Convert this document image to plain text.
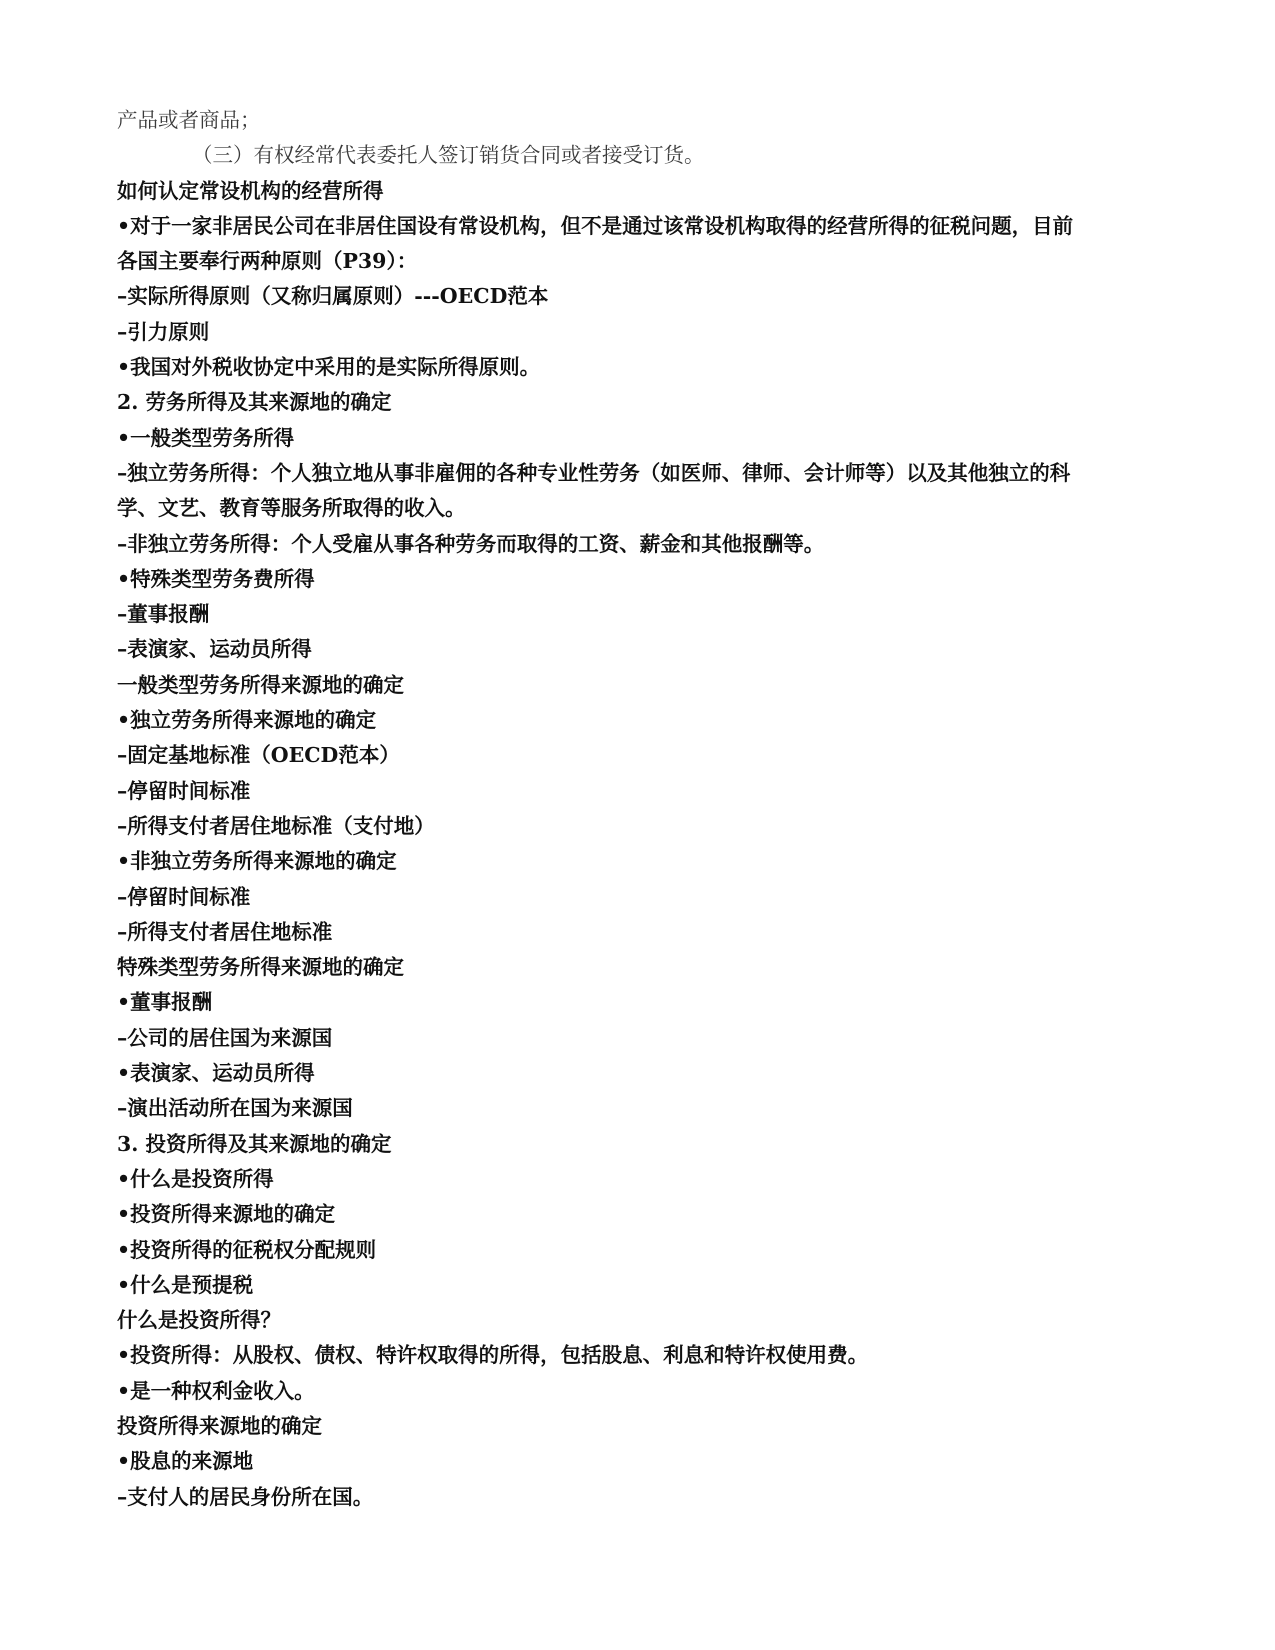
产品或者商品；
（三）有权经常代表委托人签订销货合同或者接受订货。
如何认定常设机构的经营所得
•对于一家非居民公司在非居住国设有常设机构，但不是通过该常设机构取得的经营所得的征税问题，目前
各国主要奉行两种原则（P39）：
–实际所得原则（又称归属原则）---OECD范本
–引力原则
•我国对外税收协定中采用的是实际所得原则。
2. 劳务所得及其来源地的确定
•一般类型劳务所得
–独立劳务所得：个人独立地从事非雇佣的各种专业性劳务（如医师、律师、会计师等）以及其他独立的科
学、文艺、教育等服务所取得的收入。
–非独立劳务所得：个人受雇从事各种劳务而取得的工资、薪金和其他报酬等。
•特殊类型劳务费所得
–董事报酬
–表演家、运动员所得
一般类型劳务所得来源地的确定
•独立劳务所得来源地的确定
–固定基地标准（OECD范本）
–停留时间标准
–所得支付者居住地标准（支付地）
•非独立劳务所得来源地的确定
–停留时间标准
–所得支付者居住地标准
特殊类型劳务所得来源地的确定
•董事报酬
–公司的居住国为来源国
•表演家、运动员所得
–演出活动所在国为来源国
3. 投资所得及其来源地的确定
•什么是投资所得
•投资所得来源地的确定
•投资所得的征税权分配规则
•什么是预提税
什么是投资所得？
•投资所得：从股权、债权、特许权取得的所得，包括股息、利息和特许权使用费。
•是一种权利金收入。
投资所得来源地的确定
•股息的来源地
–支付人的居民身份所在国。
